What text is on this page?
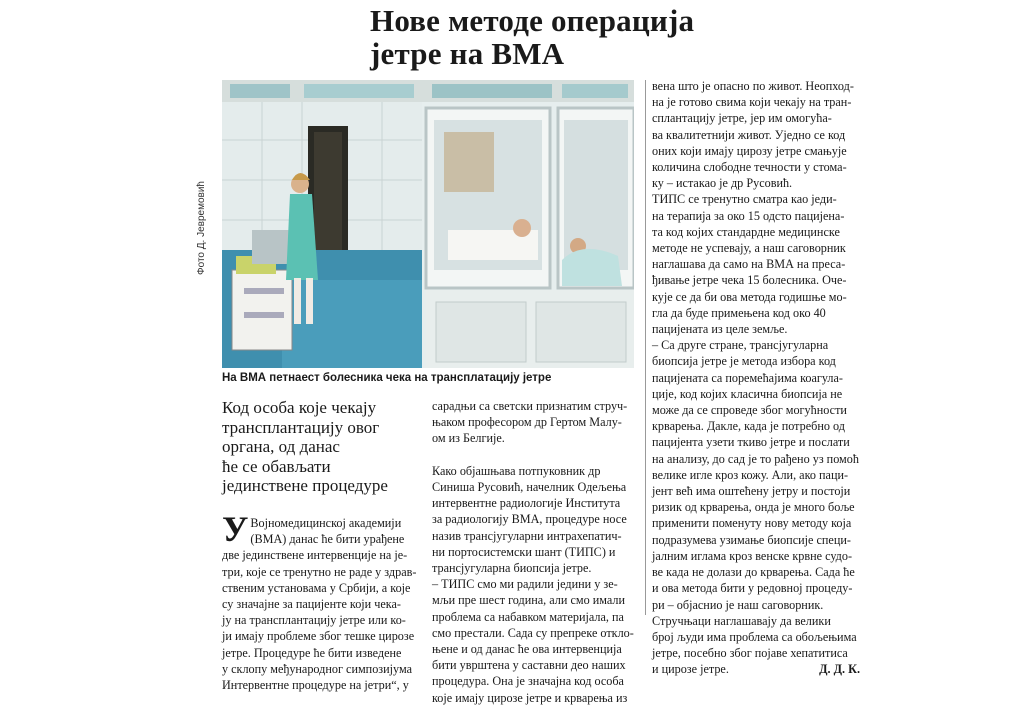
Нове методе операција
јетре на ВМА
Фото Д. Јевремовић
На ВМА петнаест болесника чека на трансплатацију јетре
Код особа које чекају
трансплантацију овог
органа, од данас
ће се обављати
јединствене процедуре
У Војномедицинској академији
(ВМА) данас ће бити урађене
две јединствене интервенције на је-
три, које се тренутно не раде у здрав-
ственим установама у Србији, а које
су значајне за пацијенте који чека-
ју на трансплантацију јетре или ко-
ји имају проблеме због тешке цирозе
јетре. Процедуре ће бити изведене
у склопу међународног симпозијума
Интервентне процедуре на јетри“, у
сарадњи са светски признатим струч-
њаком професором др Гертом Малу-
ом из Белгије.

Како објашњава потпуковник др
Синиша Русовић, начелник Одељења
интервентне радиологије Института
за радиологију ВМА, процедуре носе
назив трансјугуларни интрахепатич-
ни портосистемски шант (ТИПС) и
трансјугуларна биопсија јетре.
– ТИПС смо ми радили једини у зе-
мљи пре шест година, али смо имали
проблема са набавком материјала, па
смо престали. Сада су препреке откло-
њене и од данас ће ова интервенција
бити уврштена у саставни део наших
процедура. Она је значајна код особа
које имају цирозе јетре и крварења из
вена што је опасно по живот. Неопход-
на је готово свима који чекају на тран-
сплантацију јетре, јер им омогућа-
ва квалитетнији живот. Уједно се код
оних који имају цирозу јетре смањује
количина слободне течности у стома-
ку – истакао је др Русовић.
ТИПС се тренутно сматра као једи-
на терапија за око 15 одсто пацијена-
та код којих стандардне медицинске
методе не успевају, а наш саговорник
наглашава да само на ВМА на преса-
ђивање јетре чека 15 болесника. Оче-
кује се да би ова метода годишње мо-
гла да буде примењена код око 40
пацијената из целе земље.
– Са друге стране, трансјугуларна
биопсија јетре је метода избора код
пацијената са поремећајима коагула-
ције, код којих класична биопсија не
може да се спроведе због могућности
крварења. Дакле, када је потребно од
пацијента узети ткиво јетре и послати
на анализу, до сад је то рађено уз помоћ
велике игле кроз кожу. Али, ако паци-
јент већ има оштећену јетру и постоји
ризик од крварења, онда је много боље
применити поменуту нову методу која
подразумева узимање биопсије специ-
јалним иглама кроз венске крвне судо-
ве када не долази до крварења. Сада ће
и ова метода бити у редовној процеду-
ри – објаснио је наш саговорник.
Стручњаци наглашавају да велики
број људи има проблема са обољењима
јетре, посебно због појаве хепатитиса
и цирозе јетре.	Д. Д. К.
